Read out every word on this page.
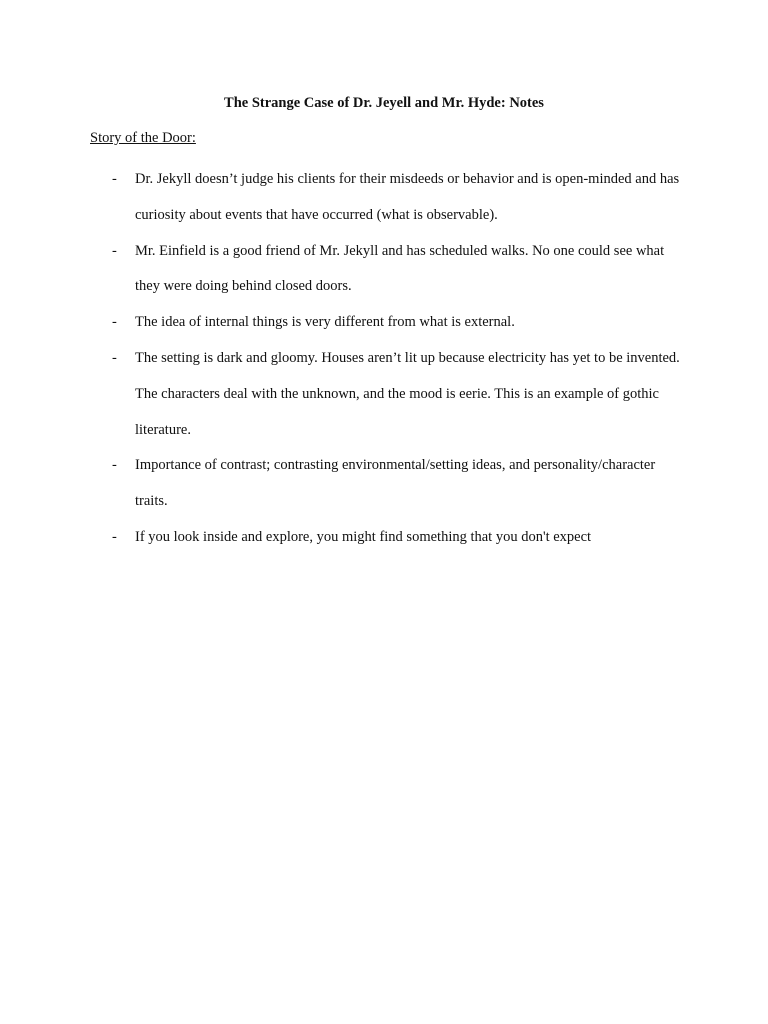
The Strange Case of Dr. Jeyell and Mr. Hyde: Notes

Story of the Door:

- Dr. Jekyll doesn’t judge his clients for their misdeeds or behavior and is open-minded and has curiosity about events that have occurred (what is observable).
- Mr. Einfield is a good friend of Mr. Jekyll and has scheduled walks. No one could see what they were doing behind closed doors.
- The idea of internal things is very different from what is external.
- The setting is dark and gloomy. Houses aren’t lit up because electricity has yet to be invented. The characters deal with the unknown, and the mood is eerie. This is an example of gothic literature.
- Importance of contrast; contrasting environmental/setting ideas, and personality/character traits.
- If you look inside and explore, you might find something that you don't expect
